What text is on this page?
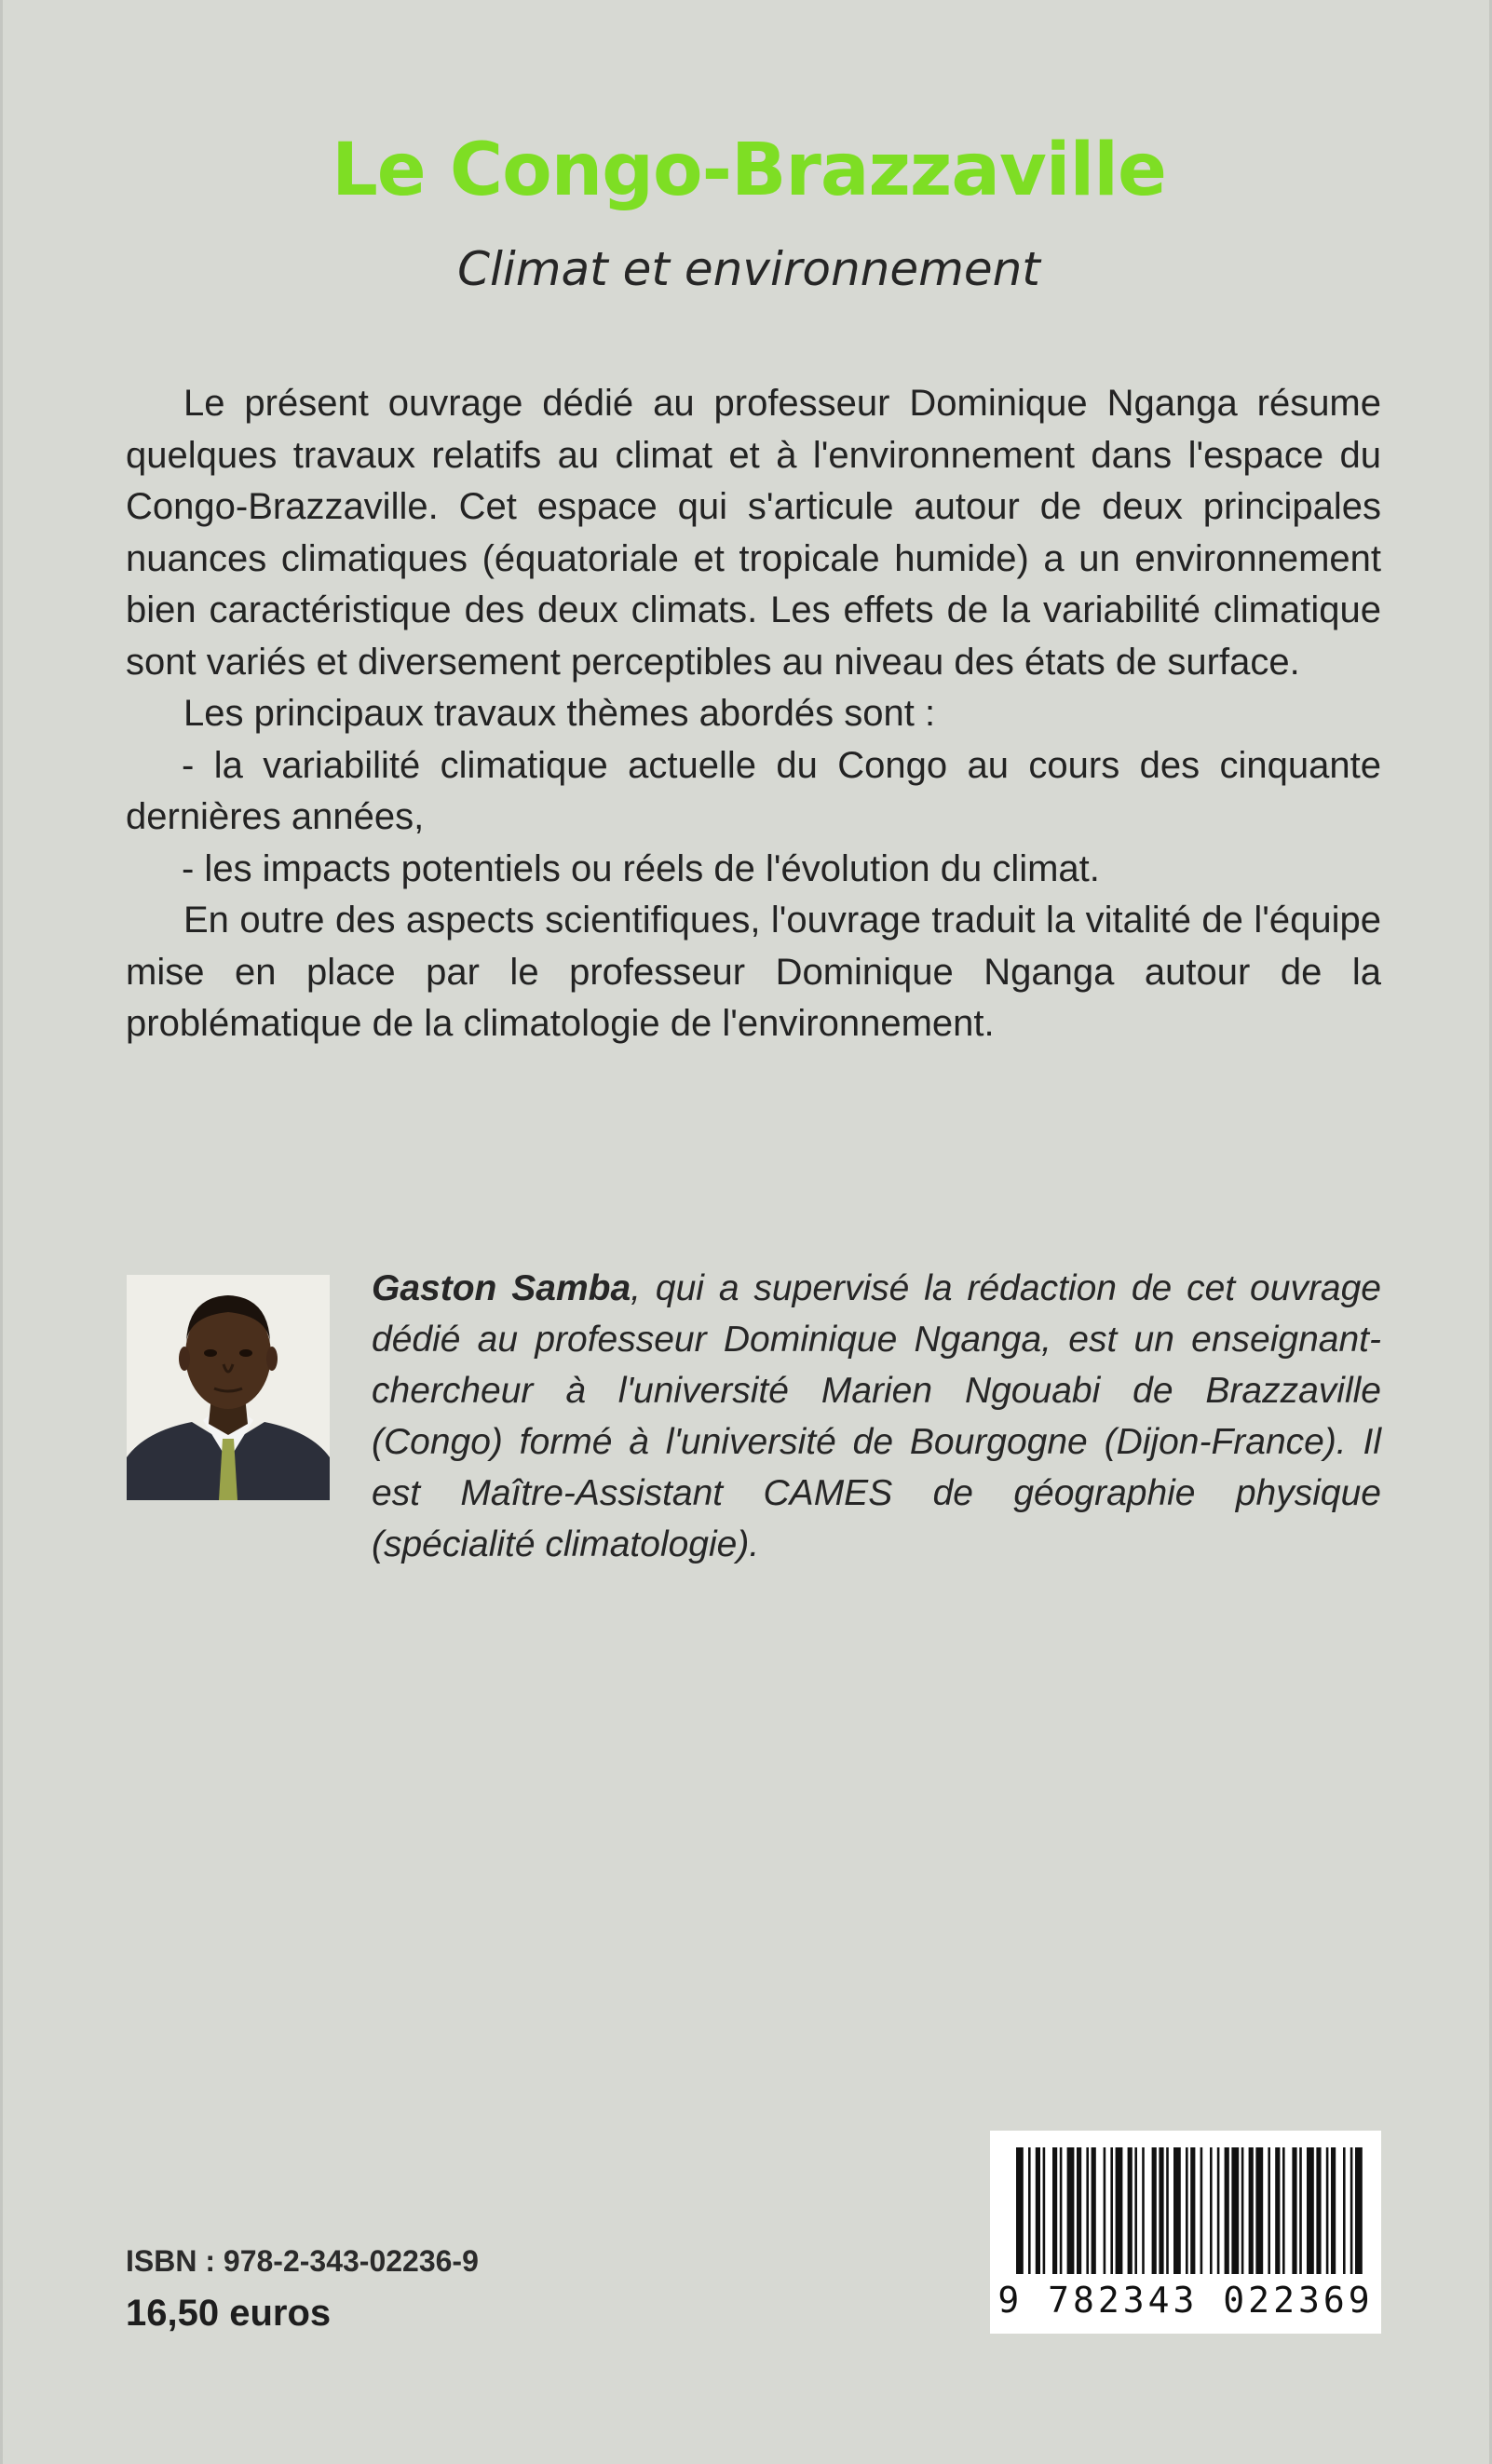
Le Congo-Brazzaville
Climat et environnement

Le présent ouvrage dédié au professeur Dominique Nganga résume quelques travaux relatifs au climat et à l'environnement dans l'espace du Congo-Brazzaville. Cet espace qui s'articule autour de deux principales nuances climatiques (équatoriale et tropicale humide) a un environnement bien caractéristique des deux climats. Les effets de la variabilité climatique sont variés et diversement perceptibles au niveau des états de surface.

Les principaux travaux thèmes abordés sont :

- la variabilité climatique actuelle du Congo au cours des cinquante dernières années,

- les impacts potentiels ou réels de l'évolution du climat.

En outre des aspects scientifiques, l'ouvrage traduit la vitalité de l'équipe mise en place par le professeur Dominique Nganga autour de la problématique de la climatologie de l'environnement.

Gaston Samba, qui a supervisé la rédaction de cet ouvrage dédié au professeur Dominique Nganga, est un enseignant-chercheur à l'université Marien Ngouabi de Brazzaville (Congo) formé à l'université de Bourgogne (Dijon-France). Il est Maître-Assistant CAMES de géographie physique (spécialité climatologie).
ISBN : 978-2-343-02236-9
16,50 euros	9 782343 022369
